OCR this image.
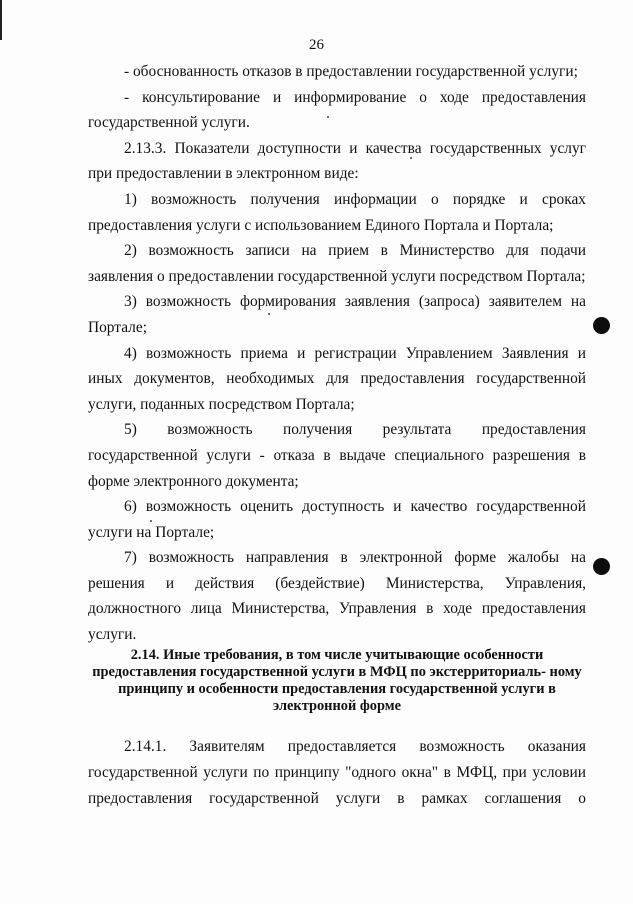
26

- обоснованность отказов в предоставлении государственной услуги;

- консультирование и информирование о ходе предоставления государственной услуги.

2.13.3. Показатели доступности и качества государственных услуг при предоставлении в электронном виде:

1) возможность получения информации о порядке и сроках предоставления услуги с использованием Единого Портала и Портала;

2) возможность записи на прием в Министерство для подачи заявления о предоставлении государственной услуги посредством Портала;

3) возможность формирования заявления (запроса) заявителем на Портале;

4) возможность приема и регистрации Управлением Заявления и иных документов, необходимых для предоставления государственной услуги, поданных посредством Портала;

5) возможность получения результата предоставления государственной услуги - отказа в выдаче специального разрешения в форме электронного документа;

6) возможность оценить доступность и качество государственной услуги на Портале;

7) возможность направления в электронной форме жалобы на решения и действия (бездействие) Министерства, Управления, должностного лица Министерства, Управления в ходе предоставления услуги.

2.14. Иные требования, в том числе учитывающие особенности предоставления государственной услуги в МФЦ по экстерриториаль- ному принципу и особенности предоставления государственной услуги в электронной форме

2.14.1. Заявителям предоставляется возможность оказания государственной услуги по принципу "одного окна" в МФЦ, при условии предоставления государственной услуги в рамках соглашения о
